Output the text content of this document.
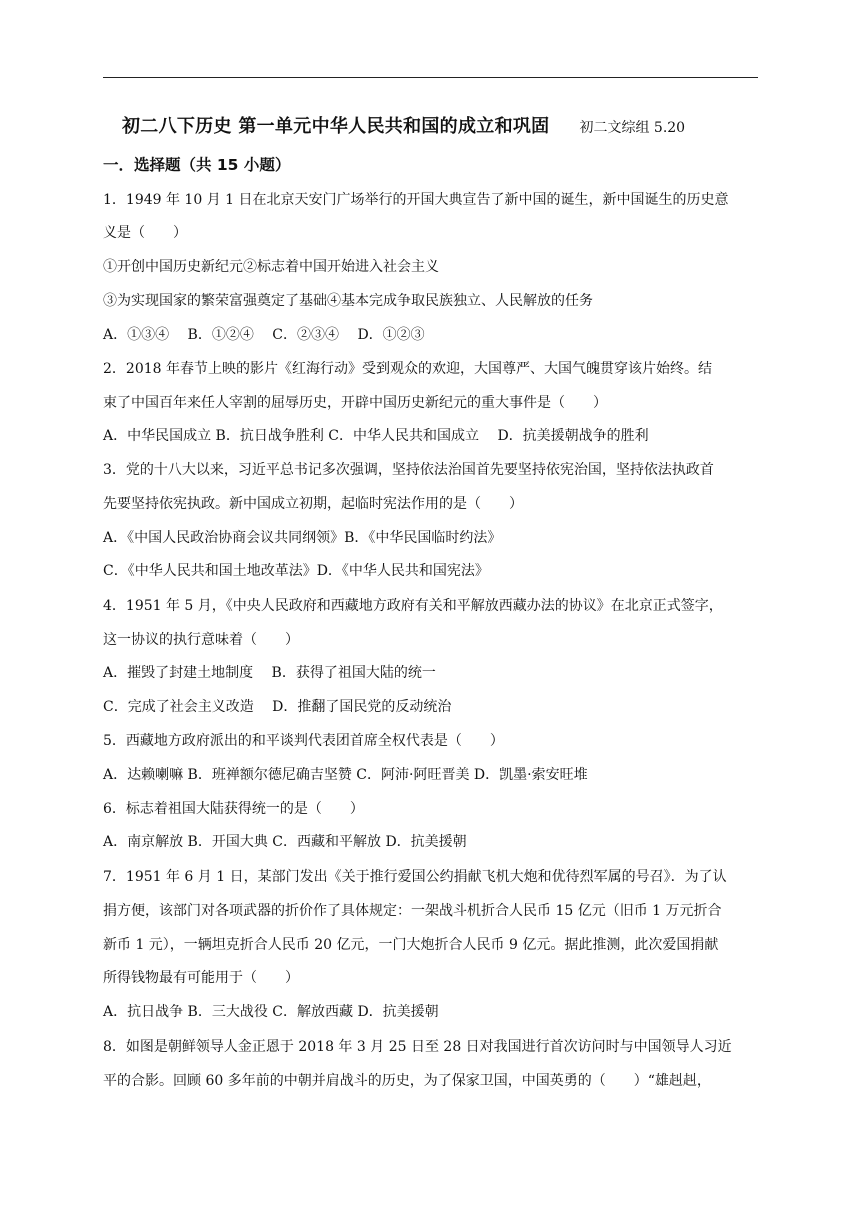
初二八下历史 第一单元中华人民共和国的成立和巩固 初二文综组 5.20
一．选择题（共 15 小题）
1．1949 年 10 月 1 日在北京天安门广场举行的开国大典宣告了新中国的诞生，新中国诞生的历史意
义是（　　）
①开创中国历史新纪元②标志着中国开始进入社会主义
③为实现国家的繁荣富强奠定了基础④基本完成争取民族独立、人民解放的任务
A．①③④　 B．①②④　 C．②③④　 D．①②③
2．2018 年春节上映的影片《红海行动》受到观众的欢迎，大国尊严、大国气魄贯穿该片始终。结
束了中国百年来任人宰割的屈辱历史，开辟中国历史新纪元的重大事件是（　　）
A．中华民国成立 B．抗日战争胜利 C．中华人民共和国成立　 D．抗美援朝战争的胜利
3．党的十八大以来，习近平总书记多次强调，坚持依法治国首先要坚持依宪治国，坚持依法执政首
先要坚持依宪执政。新中国成立初期，起临时宪法作用的是（　　）
A．《中国人民政治协商会议共同纲领》B．《中华民国临时约法》
C．《中华人民共和国土地改革法》D．《中华人民共和国宪法》
4．1951 年 5 月，《中央人民政府和西藏地方政府有关和平解放西藏办法的协议》在北京正式签字，
这一协议的执行意味着（　　）
A．摧毁了封建土地制度　 B．获得了祖国大陆的统一
C．完成了社会主义改造　 D．推翻了国民党的反动统治
5．西藏地方政府派出的和平谈判代表团首席全权代表是（　　）
A．达赖喇嘛 B．班禅额尔德尼确吉坚赞 C．阿沛·阿旺晋美 D．凯墨·索安旺堆
6．标志着祖国大陆获得统一的是（　　）
A．南京解放 B．开国大典 C．西藏和平解放 D．抗美援朝
7．1951 年 6 月 1 日，某部门发出《关于推行爱国公约捐献飞机大炮和优待烈军属的号召》．为了认
捐方便，该部门对各项武器的折价作了具体规定：一架战斗机折合人民币 15 亿元（旧币 1 万元折合
新币 1 元），一辆坦克折合人民币 20 亿元，一门大炮折合人民币 9 亿元。据此推测，此次爱国捐献
所得钱物最有可能用于（　　）
A．抗日战争 B．三大战役 C．解放西藏 D．抗美援朝
8．如图是朝鲜领导人金正恩于 2018 年 3 月 25 日至 28 日对我国进行首次访问时与中国领导人习近
平的合影。回顾 60 多年前的中朝并肩战斗的历史，为了保家卫国，中国英勇的（　　）“雄赳赳，
